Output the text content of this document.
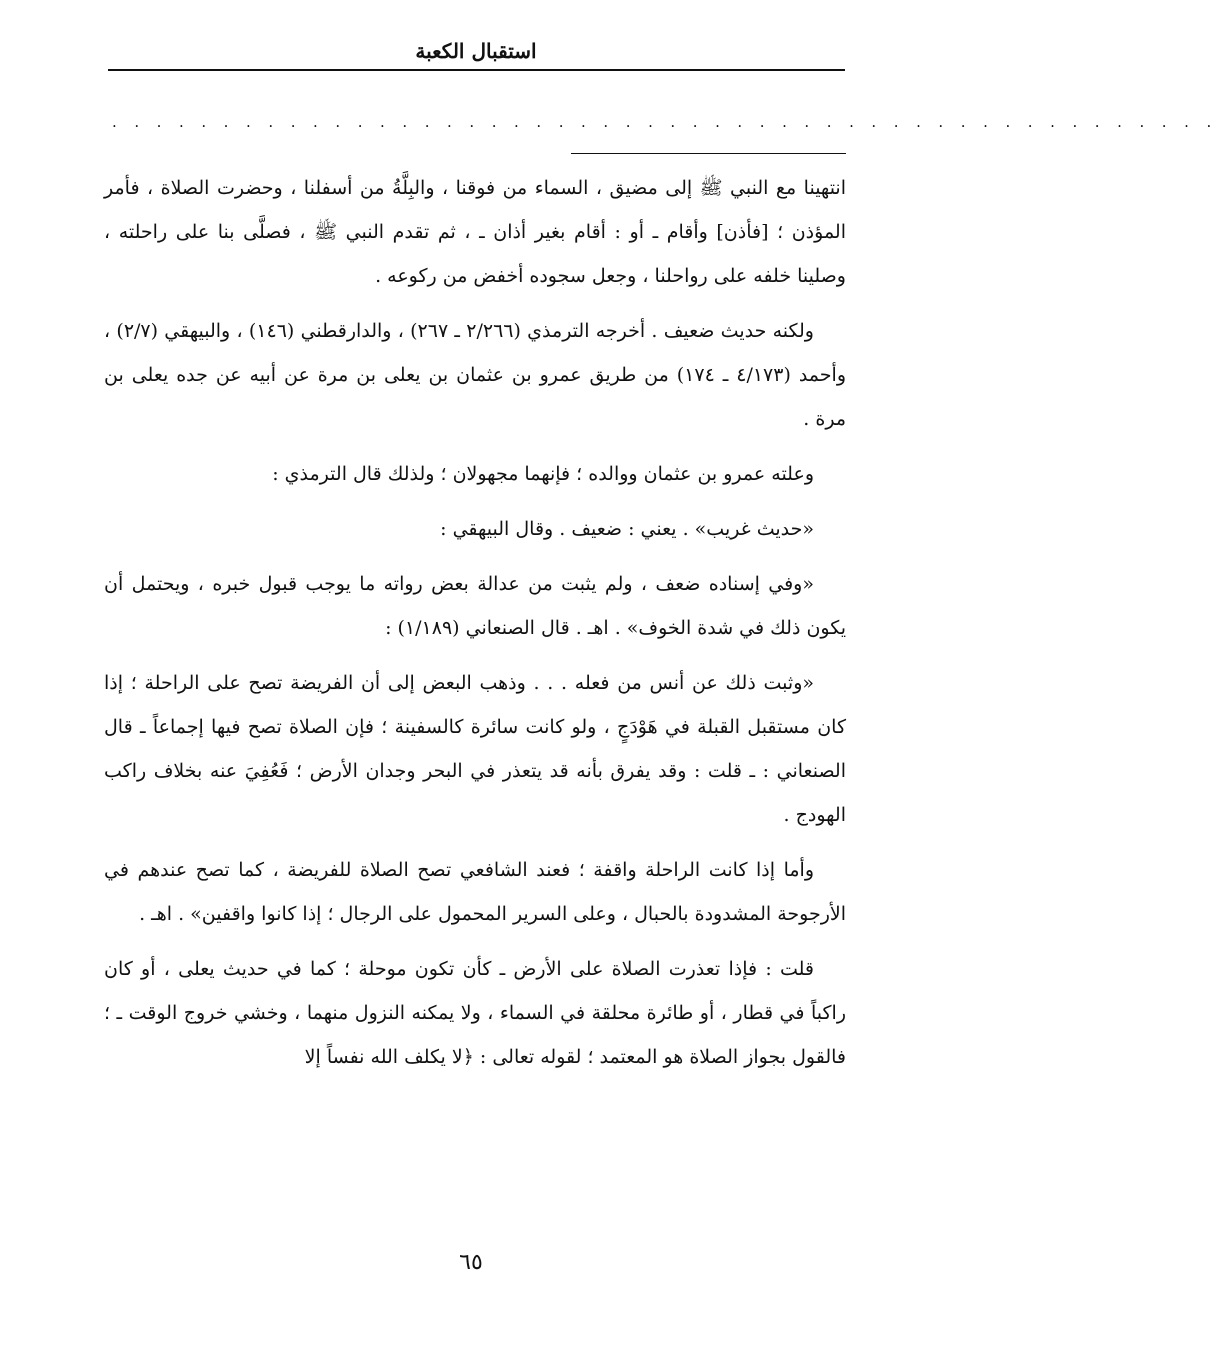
استقبال الكعبة
. . . . . . . . . . . . . . . . . . . . . . . . . . . . . . . . . . . . . . . . . . . . . . . . . .

انتهينا مع النبي ﷺ إلى مضيق ، السماء من فوقنا ، والبِلَّةُ من أسفلنا ، وحضرت الصلاة ، فأمر المؤذن ؛ [فأذن] وأقام ـ أو : أقام بغير أذان ـ ، ثم تقدم النبي ﷺ ، فصلَّى بنا على راحلته ، وصلينا خلفه على رواحلنا ، وجعل سجوده أخفض من ركوعه .

ولكنه حديث ضعيف . أخرجه الترمذي (٢/٢٦٦ ـ ٢٦٧) ، والدارقطني (١٤٦) ، والبيهقي (٢/٧) ، وأحمد (٤/١٧٣ ـ ١٧٤) من طريق عمرو بن عثمان بن يعلى بن مرة عن أبيه عن جده يعلى بن مرة .

وعلته عمرو بن عثمان ووالده ؛ فإنهما مجهولان ؛ ولذلك قال الترمذي :

«حديث غريب» . يعني : ضعيف . وقال البيهقي :

«وفي إسناده ضعف ، ولم يثبت من عدالة بعض رواته ما يوجب قبول خبره ، ويحتمل أن يكون ذلك في شدة الخوف» . اهـ . قال الصنعاني (١/١٨٩) :

«وثبت ذلك عن أنس من فعله . . . وذهب البعض إلى أن الفريضة تصح على الراحلة ؛ إذا كان مستقبل القبلة في هَوْدَجٍ ، ولو كانت سائرة كالسفينة ؛ فإن الصلاة تصح فيها إجماعاً ـ قال الصنعاني : ـ قلت : وقد يفرق بأنه قد يتعذر في البحر وجدان الأرض ؛ فَعُفِيَ عنه بخلاف راكب الهودج .

وأما إذا كانت الراحلة واقفة ؛ فعند الشافعي تصح الصلاة للفريضة ، كما تصح عندهم في الأرجوحة المشدودة بالحبال ، وعلى السرير المحمول على الرجال ؛ إذا كانوا واقفين» . اهـ .

قلت : فإذا تعذرت الصلاة على الأرض ـ كأن تكون موحلة ؛ كما في حديث يعلى ، أو كان راكباً في قطار ، أو طائرة محلقة في السماء ، ولا يمكنه النزول منهما ، وخشي خروج الوقت ـ ؛ فالقول بجواز الصلاة هو المعتمد ؛ لقوله تعالى : ﴿لا يكلف الله نفساً إلا

٦٥
